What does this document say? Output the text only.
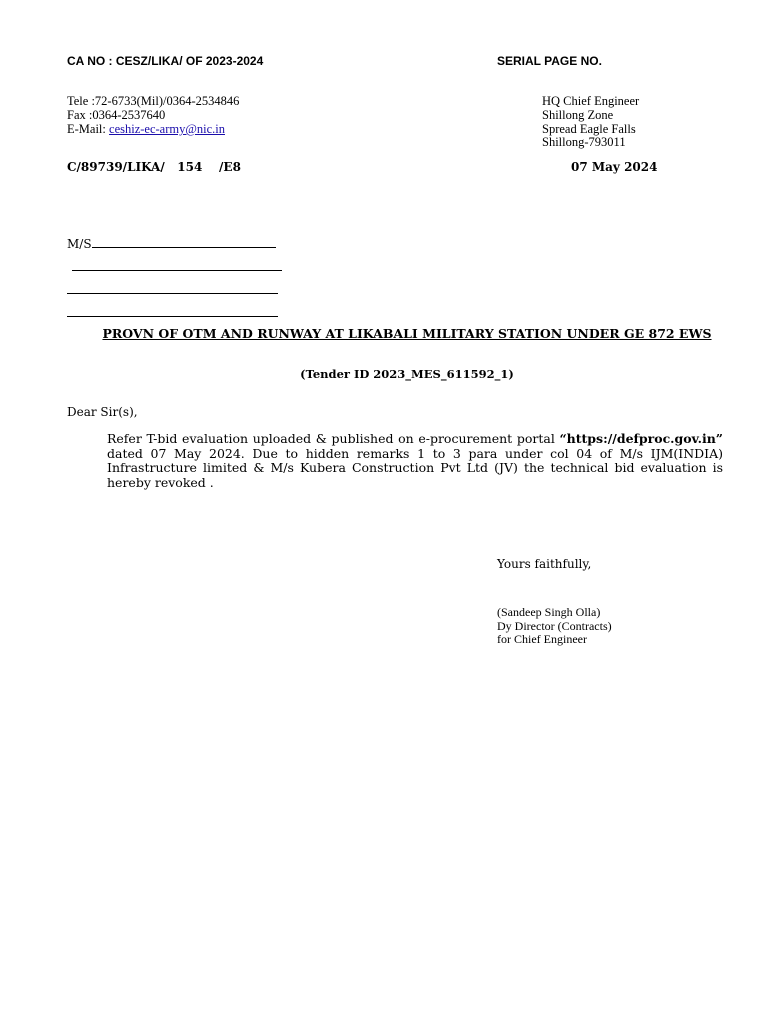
CA NO : CESZ/LIKA/ OF 2023-2024	SERIAL PAGE NO.
Tele :72-6733(Mil)/0364-2534846
Fax :0364-2537640
E-Mail: ceshiz-ec-army@nic.in
HQ Chief Engineer
Shillong Zone
Spread Eagle Falls
Shillong-793011
C/89739/LIKA/   154    /E8	07 May 2024
M/S
PROVN OF OTM AND RUNWAY AT LIKABALI MILITARY STATION UNDER GE 872 EWS
(Tender ID 2023_MES_611592_1)
Dear Sir(s),
Refer T-bid evaluation uploaded & published on e-procurement portal “https://defproc.gov.in” dated 07 May 2024. Due to hidden remarks 1 to 3 para under col 04 of M/s IJM(INDIA) Infrastructure limited & M/s Kubera Construction Pvt Ltd (JV) the technical bid evaluation is hereby revoked .
Yours faithfully,
(Sandeep Singh Olla)
Dy Director (Contracts)
for Chief Engineer
